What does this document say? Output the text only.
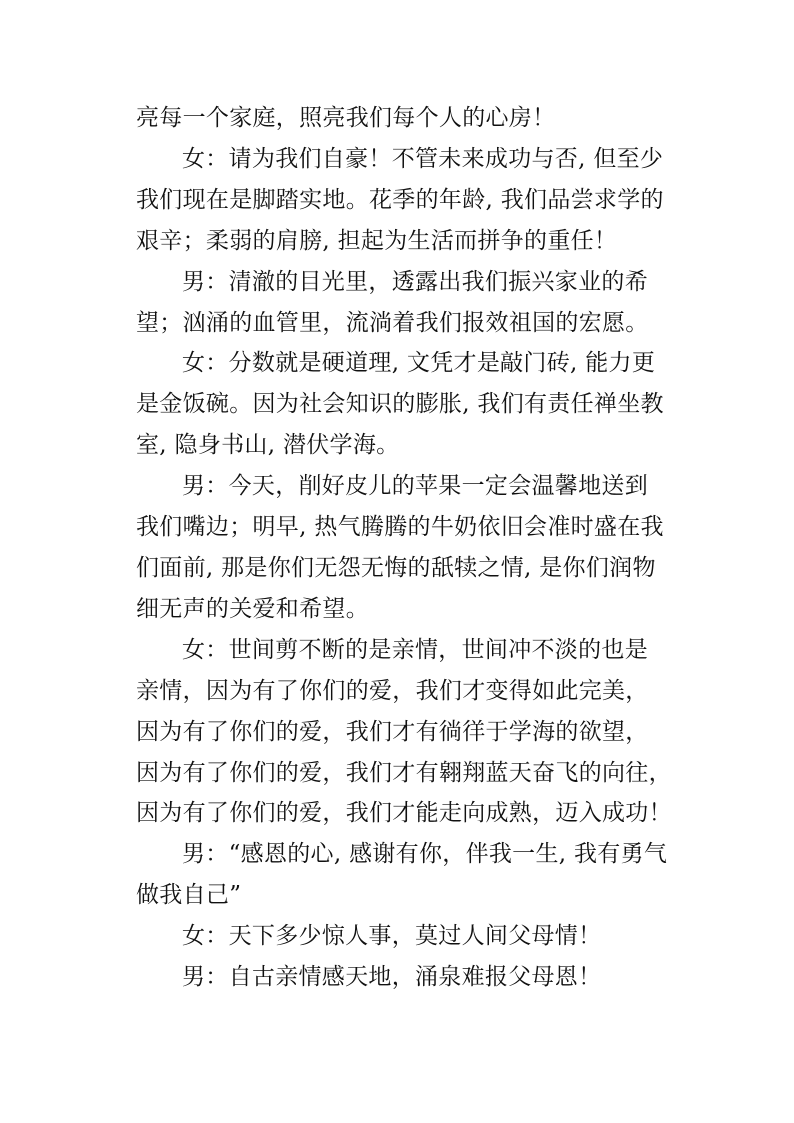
亮每一个家庭，照亮我们每个人的心房！

女：请为我们自豪！不管未来成功与否, 但至少
我们现在是脚踏实地。花季的年龄, 我们品尝求学的
艰辛；柔弱的肩膀, 担起为生活而拼争的重任！

男：清澈的目光里，透露出我们振兴家业的希
望；汹涌的血管里，流淌着我们报效祖国的宏愿。

女：分数就是硬道理, 文凭才是敲门砖, 能力更
是金饭碗。因为社会知识的膨胀, 我们有责任禅坐教
室, 隐身书山, 潜伏学海。

男：今天，削好皮儿的苹果一定会温馨地送到
我们嘴边；明早, 热气腾腾的牛奶依旧会准时盛在我
们面前, 那是你们无怨无悔的舐犊之情, 是你们润物
细无声的关爱和希望。

女：世间剪不断的是亲情，世间冲不淡的也是
亲情，因为有了你们的爱，我们才变得如此完美，
因为有了你们的爱，我们才有徜徉于学海的欲望，
因为有了你们的爱，我们才有翱翔蓝天奋飞的向往，
因为有了你们的爱，我们才能走向成熟，迈入成功！

男：“感恩的心, 感谢有你，伴我一生, 我有勇气
做我自己”

女：天下多少惊人事，莫过人间父母情！

男：自古亲情感天地，涌泉难报父母恩！
